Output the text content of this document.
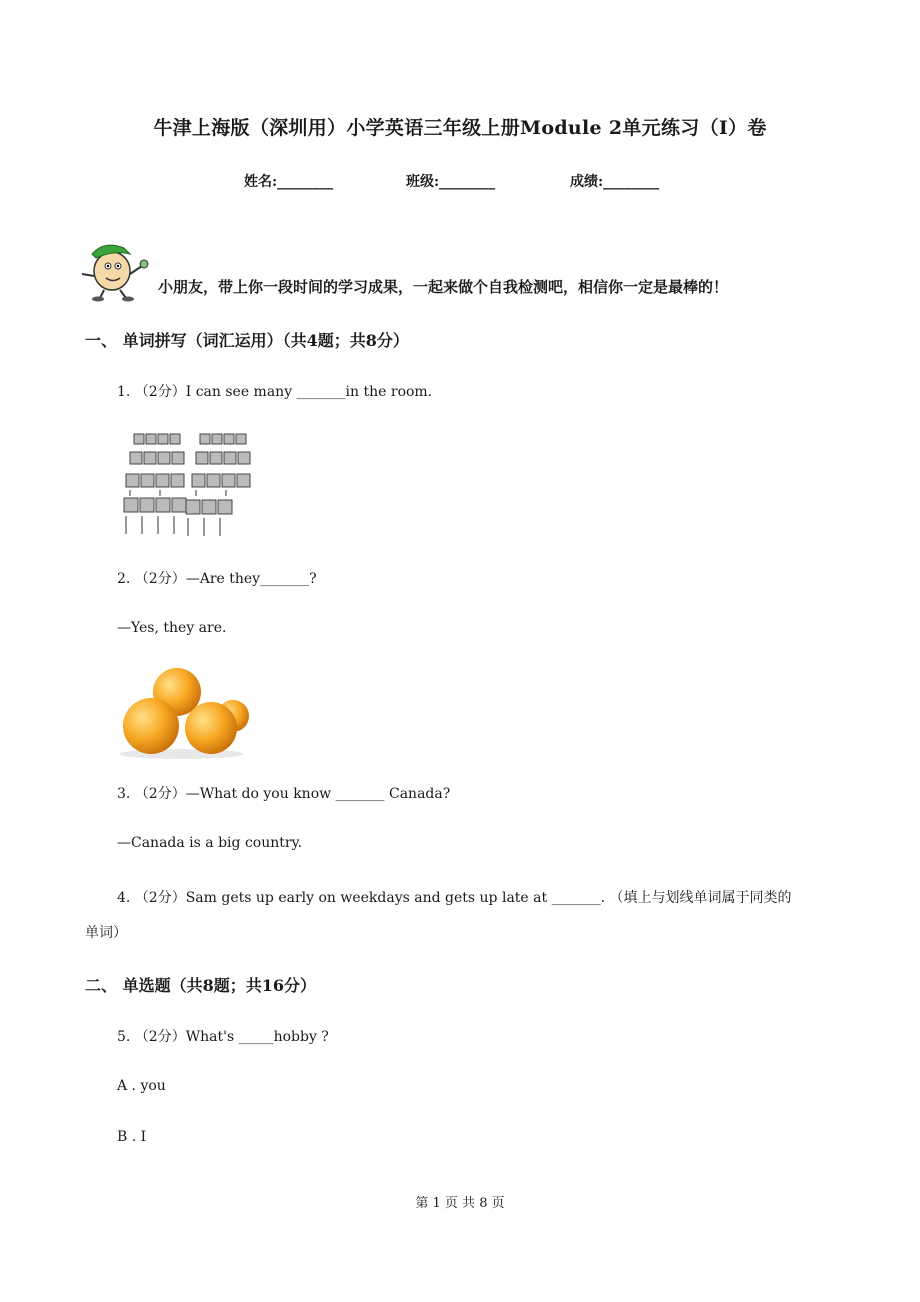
牛津上海版（深圳用）小学英语三年级上册Module 2单元练习（I）卷
姓名:________	班级:________	成绩:________
小朋友，带上你一段时间的学习成果，一起来做个自我检测吧，相信你一定是最棒的！
一、 单词拼写（词汇运用）（共4题；共8分）
1. （2分）I can see many _______in the room.
2. （2分）—Are they_______?
—Yes, they are.
3. （2分）—What do you know _______ Canada?
—Canada is a big country.
4. （2分）Sam gets up early on weekdays and gets up late at _______. （填上与划线单词属于同类的
单词）
二、 单选题（共8题；共16分）
5. （2分）What's _____hobby ?
A . you
B . I
第 1 页 共 8 页
